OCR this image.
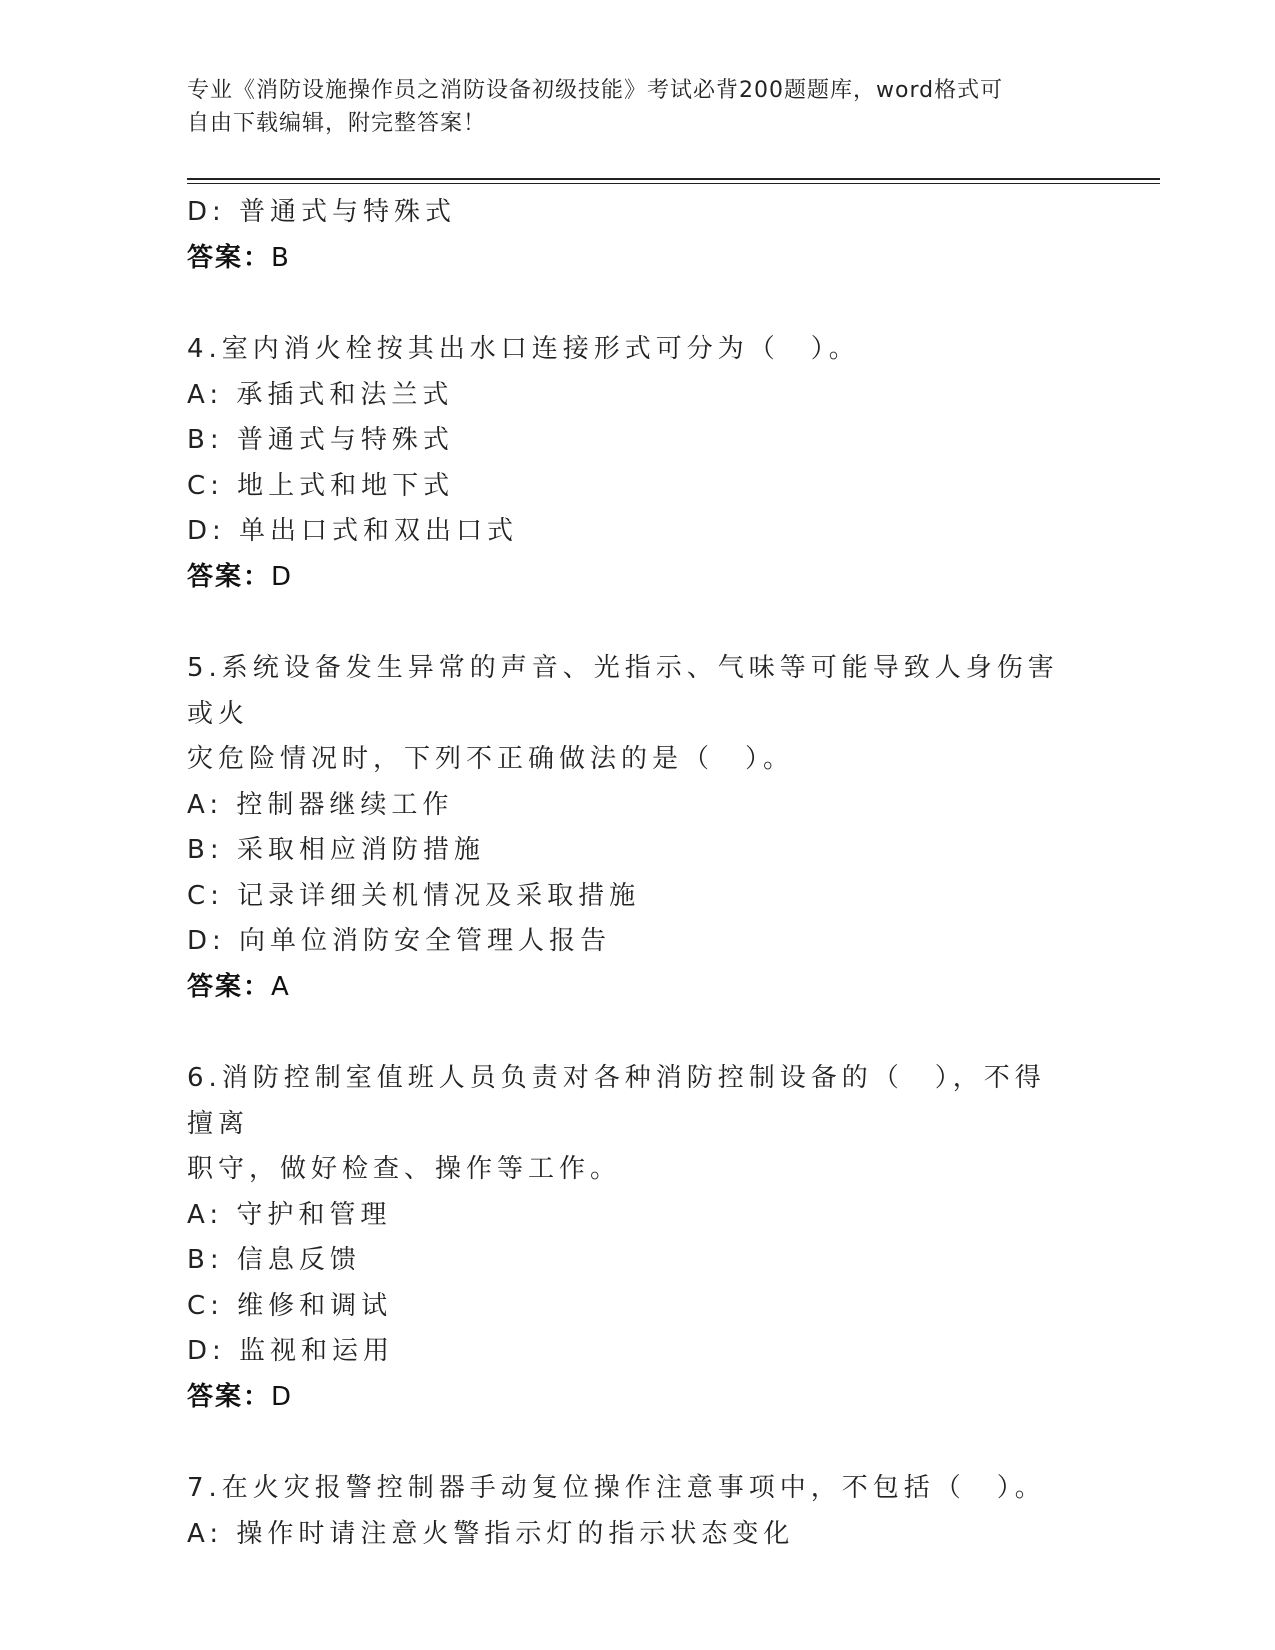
专业《消防设施操作员之消防设备初级技能》考试必背200题题库，word格式可
自由下载编辑，附完整答案！
D: 普通式与特殊式
答案：B
4.室内消火栓按其出水口连接形式可分为（　）。
A: 承插式和法兰式
B: 普通式与特殊式
C: 地上式和地下式
D: 单出口式和双出口式
答案：D
5.系统设备发生异常的声音、光指示、气味等可能导致人身伤害或火
灾危险情况时，下列不正确做法的是（　）。
A: 控制器继续工作
B: 采取相应消防措施
C: 记录详细关机情况及采取措施
D: 向单位消防安全管理人报告
答案：A
6.消防控制室值班人员负责对各种消防控制设备的（　），不得擅离
职守，做好检查、操作等工作。
A: 守护和管理
B: 信息反馈
C: 维修和调试
D: 监视和运用
答案：D
7.在火灾报警控制器手动复位操作注意事项中，不包括（　）。
A: 操作时请注意火警指示灯的指示状态变化
